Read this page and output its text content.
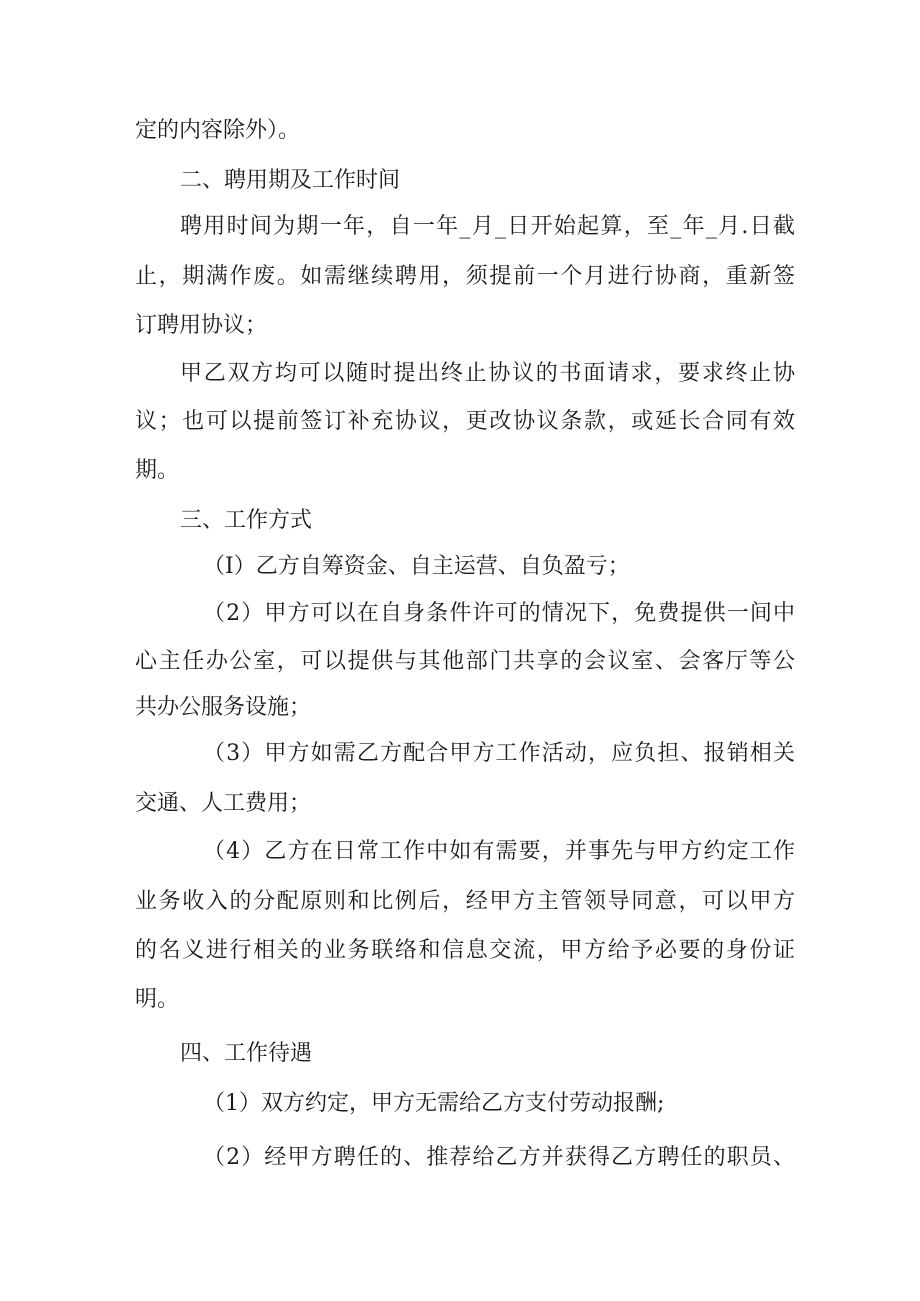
定的内容除外）。
二、聘用期及工作时间
聘用时间为期一年，自一年_月_日开始起算，至_年_月.日截
止，期满作废。如需继续聘用，须提前一个月进行协商，重新签
订聘用协议；
甲乙双方均可以随时提出终止协议的书面请求，要求终止协
议；也可以提前签订补充协议，更改协议条款，或延长合同有效
期。
三、工作方式
（I）乙方自筹资金、自主运营、自负盈亏；
（2）甲方可以在自身条件许可的情况下，免费提供一间中
心主任办公室，可以提供与其他部门共享的会议室、会客厅等公
共办公服务设施；
（3）甲方如需乙方配合甲方工作活动，应负担、报销相关
交通、人工费用；
（4）乙方在日常工作中如有需要，并事先与甲方约定工作
业务收入的分配原则和比例后，经甲方主管领导同意，可以甲方
的名义进行相关的业务联络和信息交流，甲方给予必要的身份证
明。
四、工作待遇
（1）双方约定，甲方无需给乙方支付劳动报酬;
（2）经甲方聘任的、推荐给乙方并获得乙方聘任的职员、
